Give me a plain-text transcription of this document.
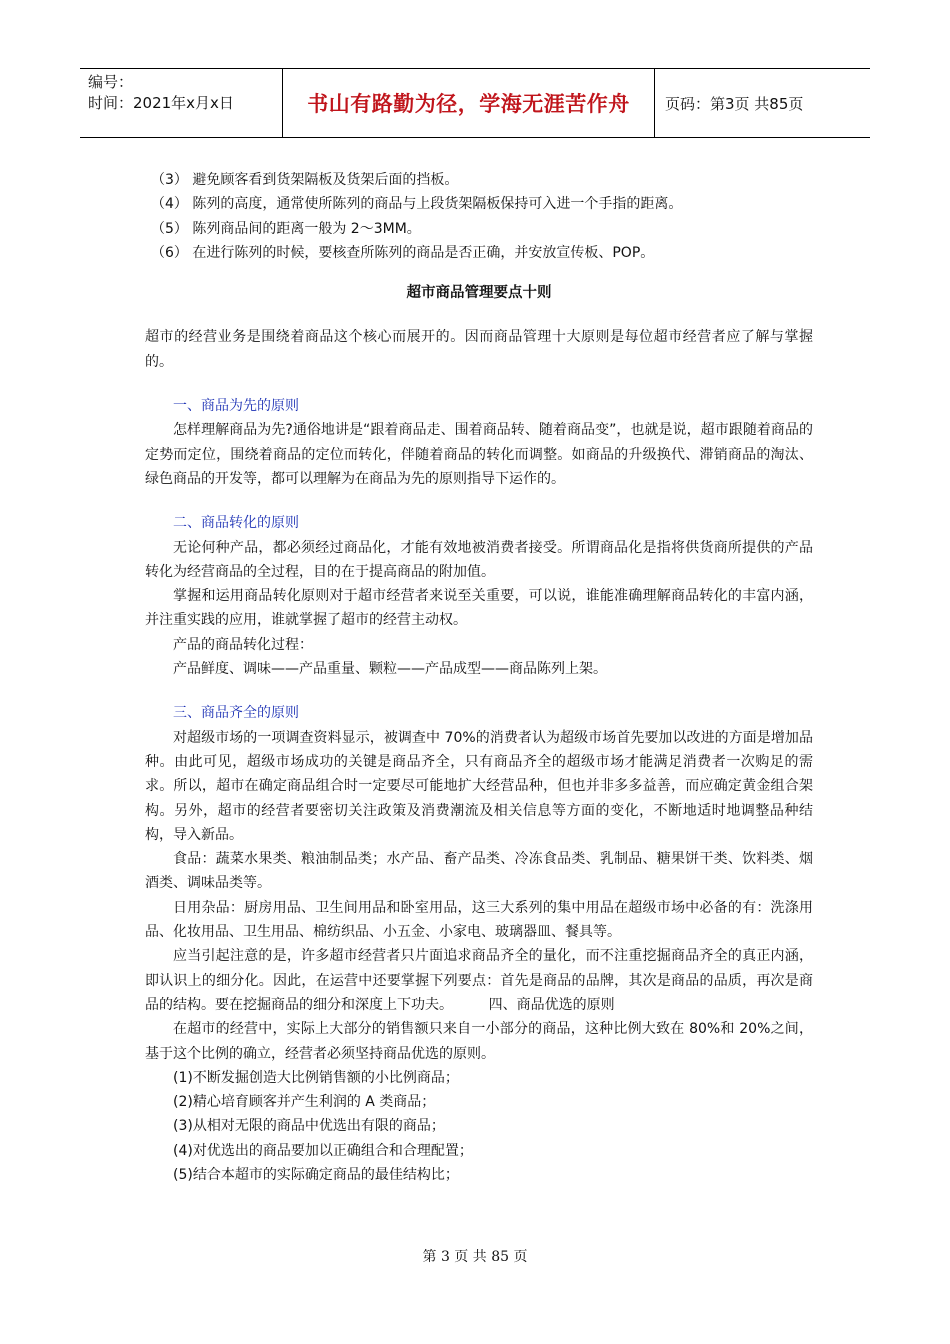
编号：
时间：2021年x月x日	书山有路勤为径，学海无涯苦作舟	页码：第3页 共85页
（3） 避免顾客看到货架隔板及货架后面的挡板。
（4） 陈列的高度，通常使所陈列的商品与上段货架隔板保持可入进一个手指的距离。
（5） 陈列商品间的距离一般为 2～3MM。
（6） 在进行陈列的时候，要核查所陈列的商品是否正确，并安放宣传板、POP。
超市商品管理要点十则
超市的经营业务是围绕着商品这个核心而展开的。因而商品管理十大原则是每位超市经营者应了解与掌握的。
一、商品为先的原则
怎样理解商品为先?通俗地讲是“跟着商品走、围着商品转、随着商品变”，也就是说，超市跟随着商品的定势而定位，围绕着商品的定位而转化，伴随着商品的转化而调整。如商品的升级换代、滞销商品的淘汰、绿色商品的开发等，都可以理解为在商品为先的原则指导下运作的。
二、商品转化的原则
无论何种产品，都必须经过商品化，才能有效地被消费者接受。所谓商品化是指将供货商所提供的产品转化为经营商品的全过程，目的在于提高商品的附加值。
掌握和运用商品转化原则对于超市经营者来说至关重要，可以说，谁能准确理解商品转化的丰富内涵，并注重实践的应用，谁就掌握了超市的经营主动权。
产品的商品转化过程：
产品鲜度、调味——产品重量、颗粒——产品成型——商品陈列上架。
三、商品齐全的原则
对超级市场的一项调查资料显示，被调查中 70%的消费者认为超级市场首先要加以改进的方面是增加品种。由此可见，超级市场成功的关键是商品齐全，只有商品齐全的超级市场才能满足消费者一次购足的需求。所以，超市在确定商品组合时一定要尽可能地扩大经营品种，但也并非多多益善，而应确定黄金组合架构。另外，超市的经营者要密切关注政策及消费潮流及相关信息等方面的变化，不断地适时地调整品种结构，导入新品。
食品：蔬菜水果类、粮油制品类；水产品、畜产品类、冷冻食品类、乳制品、糖果饼干类、饮料类、烟酒类、调味品类等。
日用杂品：厨房用品、卫生间用品和卧室用品，这三大系列的集中用品在超级市场中必备的有：洗涤用品、化妆用品、卫生用品、棉纺织品、小五金、小家电、玻璃器皿、餐具等。
应当引起注意的是，许多超市经营者只片面追求商品齐全的量化，而不注重挖掘商品齐全的真正内涵，即认识上的细分化。因此，在运营中还要掌握下列要点：首先是商品的品牌，其次是商品的品质，再次是商品的结构。要在挖掘商品的细分和深度上下功夫。	四、商品优选的原则
在超市的经营中，实际上大部分的销售额只来自一小部分的商品，这种比例大致在 80%和 20%之间，基于这个比例的确立，经营者必须坚持商品优选的原则。
(1)不断发掘创造大比例销售额的小比例商品；
(2)精心培育顾客并产生利润的 A 类商品；
(3)从相对无限的商品中优选出有限的商品；
(4)对优选出的商品要加以正确组合和合理配置；
(5)结合本超市的实际确定商品的最佳结构比；
第 3 页 共 85 页
